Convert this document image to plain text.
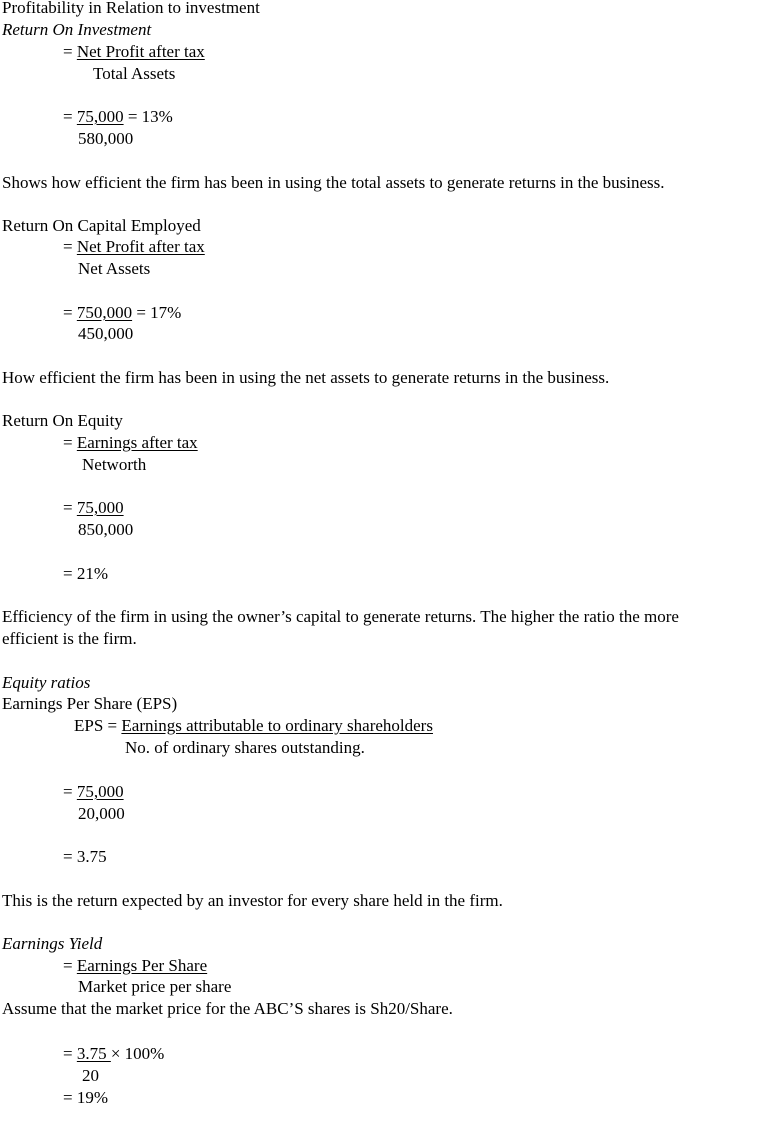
Profitability in Relation to investment
Return On Investment
= Net Profit after tax
Total Assets
= 75,000 = 13%
580,000
Shows how efficient the firm has been in using the total assets to generate returns in the business.
Return On Capital Employed
= Net Profit after tax
Net Assets
= 750,000 = 17%
450,000
How efficient the firm has been in using the net assets to generate returns in the business.
Return On Equity
= Earnings after tax
Networth
= 75,000
850,000
= 21%
Efficiency of the firm in using the owner’s capital to generate returns. The higher the ratio the more
efficient is the firm.
Equity ratios
Earnings Per Share (EPS)
EPS = Earnings attributable to ordinary shareholders
No. of ordinary shares outstanding.
= 75,000
20,000
= 3.75
This is the return expected by an investor for every share held in the firm.
Earnings Yield
= Earnings Per Share
Market price per share
Assume that the market price for the ABC’S shares is Sh20/Share.
= 3.75 × 100%
20
= 19%
